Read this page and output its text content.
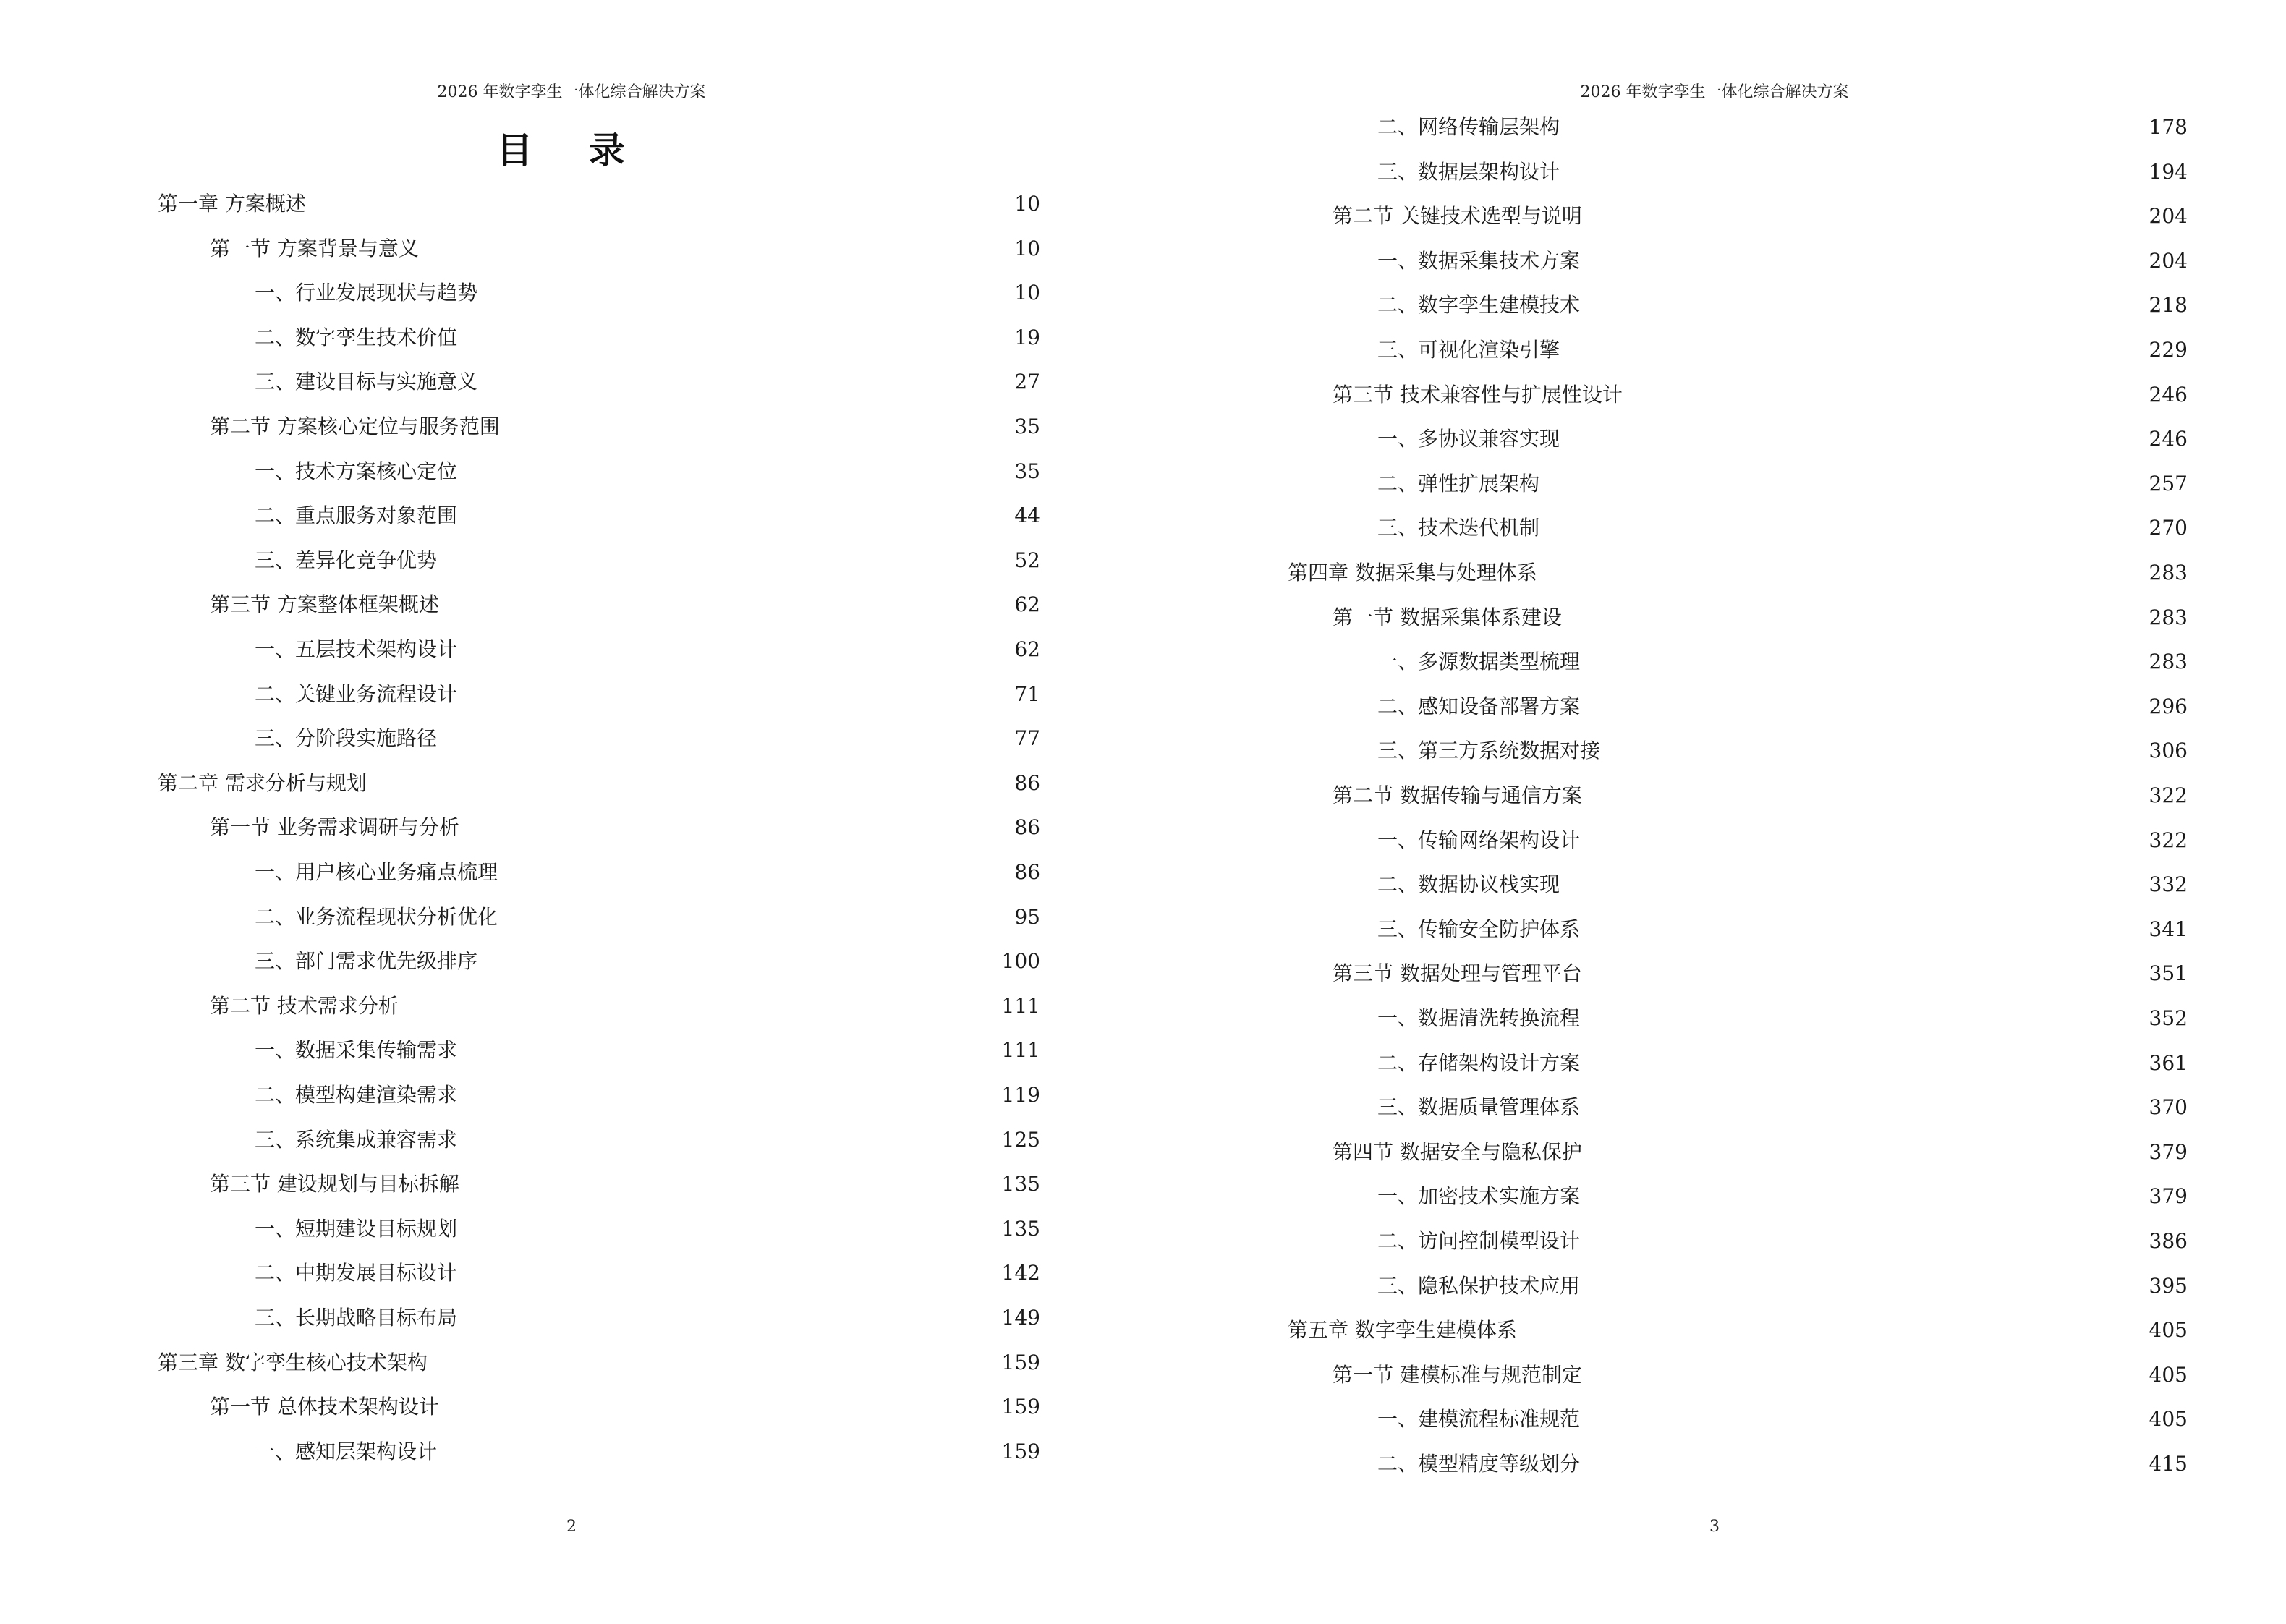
2026 年数字孪生一体化综合解决方案
目 录
第一章 方案概述	10
第一节 方案背景与意义	10
一、行业发展现状与趋势	10
二、数字孪生技术价值	19
三、建设目标与实施意义	27
第二节 方案核心定位与服务范围	35
一、技术方案核心定位	35
二、重点服务对象范围	44
三、差异化竞争优势	52
第三节 方案整体框架概述	62
一、五层技术架构设计	62
二、关键业务流程设计	71
三、分阶段实施路径	77
第二章 需求分析与规划	86
第一节 业务需求调研与分析	86
一、用户核心业务痛点梳理	86
二、业务流程现状分析优化	95
三、部门需求优先级排序	100
第二节 技术需求分析	111
一、数据采集传输需求	111
二、模型构建渲染需求	119
三、系统集成兼容需求	125
第三节 建设规划与目标拆解	135
一、短期建设目标规划	135
二、中期发展目标设计	142
三、长期战略目标布局	149
第三章 数字孪生核心技术架构	159
第一节 总体技术架构设计	159
一、感知层架构设计	159
2
2026 年数字孪生一体化综合解决方案
二、网络传输层架构	178
三、数据层架构设计	194
第二节 关键技术选型与说明	204
一、数据采集技术方案	204
二、数字孪生建模技术	218
三、可视化渲染引擎	229
第三节 技术兼容性与扩展性设计	246
一、多协议兼容实现	246
二、弹性扩展架构	257
三、技术迭代机制	270
第四章 数据采集与处理体系	283
第一节 数据采集体系建设	283
一、多源数据类型梳理	283
二、感知设备部署方案	296
三、第三方系统数据对接	306
第二节 数据传输与通信方案	322
一、传输网络架构设计	322
二、数据协议栈实现	332
三、传输安全防护体系	341
第三节 数据处理与管理平台	351
一、数据清洗转换流程	352
二、存储架构设计方案	361
三、数据质量管理体系	370
第四节 数据安全与隐私保护	379
一、加密技术实施方案	379
二、访问控制模型设计	386
三、隐私保护技术应用	395
第五章 数字孪生建模体系	405
第一节 建模标准与规范制定	405
一、建模流程标准规范	405
二、模型精度等级划分	415
3
